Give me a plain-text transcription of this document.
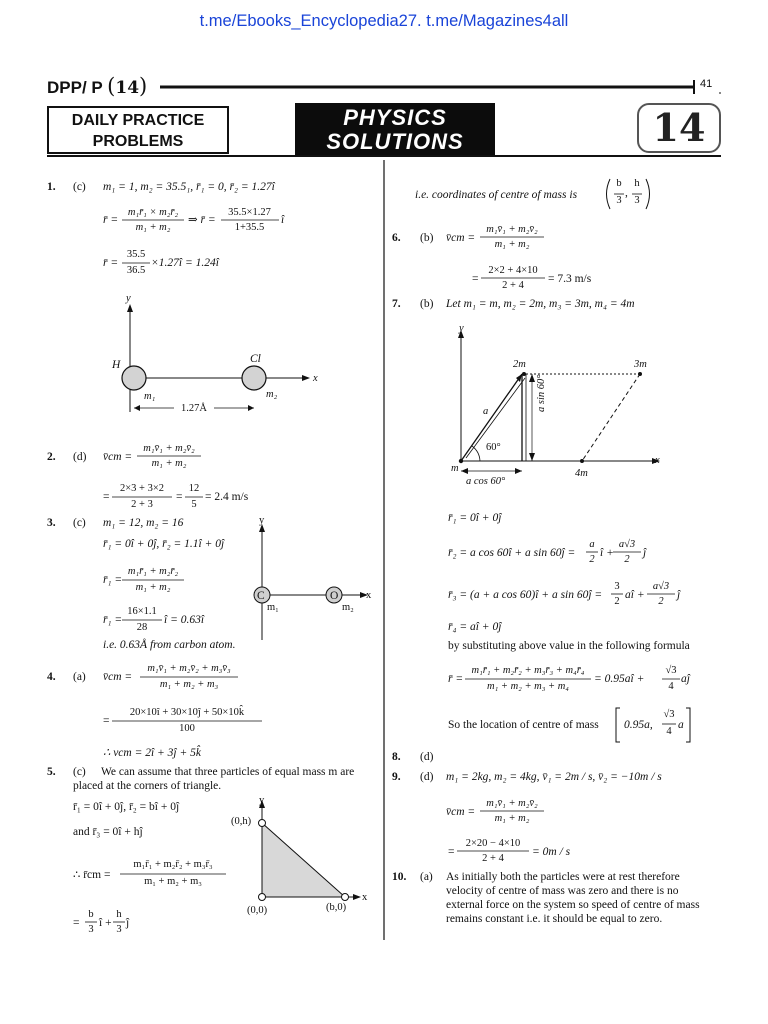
t.me/Ebooks_Encyclopedia27. t.me/Magazines4all
DPP/ P (14)	41
DAILY PRACTICE
PROBLEMS
PHYSICS
SOLUTIONS	14
1. (c) m₁ = 1, m₂ = 35.5₁, r̄₁ = 0, r̄₂ = 1.27î
r̄ =
m₁r̄₁ × m₂r̄₂
m₁ + m₂
⇒ r̄ =
35.5×1.27
1+35.5
î
r̄ =
35.5
36.5
×1.27î = 1.24î
y
x
H	Cl
m₁	m₂
1.27Å
2. (d) v̄cm =
m₁v̄₁ + m₂v̄₂
m₁ + m₂
=
2×3 + 3×2
2 + 3
=
12
5
= 2.4 m/s
3. (c) m₁ = 12, m₂ = 16
r̄₁ = 0î + 0ĵ, r̄₂ = 1.1î + 0ĵ
r̄₁ =
m₁r̄₁ + m₂r̄₂
m₁ + m₂
r̄₁ =
16×1.1
28
î = 0.63î
i.e. 0.63Å from carbon atom.
y
x
C	O
m₁	m₂
4. (a) v̄cm =
m₁v̄₁ + m₂v̄₂ + m₃v̄₃
m₁ + m₂ + m₃
=
20×10î + 30×10ĵ + 50×10k̂
100
∴ vcm = 2î + 3ĵ + 5k̂
5. (c) We can assume that three particles of equal mass m are
placed at the corners of triangle.
r̄₁ = 0î + 0ĵ, r̄₂ = bî + 0ĵ
and r̄₃ = 0î + hĵ
∴ r̄cm =
m₁r̄₁ + m₂r̄₂ + m₃r̄₃
m₁ + m₂ + m₃
=
b
3
î +
h
3
ĵ
y
x
(0,h)
(0,0)	(b,0)
i.e. coordinates of centre of mass is
b
3
,
h
3
6. (b) v̄cm =
m₁v̄₁ + m₂v̄₂
m₁ + m₂
=
2×2 + 4×10
2 + 4
= 7.3 m/s
7. (b) Let m₁ = m, m₂ = 2m, m₃ = 3m, m₄ = 4m
y
x
m
2m	3m
4m
a
60°
a sin 60°
a cos 60°
r̄₁ = 0î + 0ĵ
r̄₂ = a cos 60î + a sin 60ĵ =
a
2
î +
a√3
2
ĵ
r̄₃ = (a + a cos 60)î + a sin 60ĵ =
3
2
aî +
a√3
2
ĵ
r̄₄ = aî + 0ĵ
by substituting above value in the following formula
r̄ =
m₁r̄₁ + m₂r̄₂ + m₃r̄₃ + m₄r̄₄
m₁ + m₂ + m₃ + m₄
= 0.95aî +
√3
4
aĵ
So the location of centre of mass 0.95a,
√3
4
a
8. (d)
9. (d) m₁ = 2kg, m₂ = 4kg, v̄₁ = 2m / s, v̄₂ = −10m / s
v̄cm =
m₁v̄₁ + m₂v̄₂
m₁ + m₂
=
2×20 − 4×10
2 + 4
= 0m / s
10. (a) As initially both the particles were at rest therefore
velocity of centre of mass was zero and there is no
external force on the system so speed of centre of mass
remains constant i.e. it should be equal to zero.
